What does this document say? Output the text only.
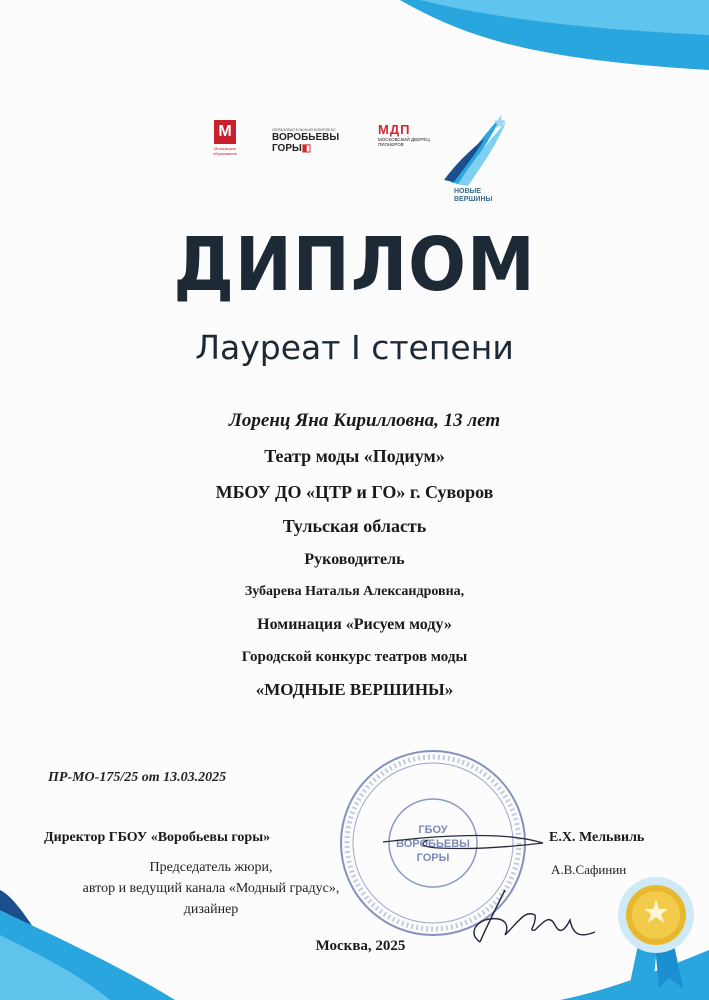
М
Московское образование
ОБРАЗОВАТЕЛЬНЫЙ КОМПЛЕКС
ВОРОБЬЕВЫ
ГОРЫ◧
МДП
МОСКОВСКИЙ ДВОРЕЦ ПИОНЕРОВ
НОВЫЕ
ВЕРШИНЫ
ДИПЛОМ
Лауреат I степени
Лоренц Яна Кирилловна, 13 лет
Театр моды «Подиум»
МБОУ ДО «ЦТР и ГО» г. Суворов
Тульская область
Руководитель
Зубарева Наталья Александровна,
Номинация «Рисуем моду»
Городской конкурс театров моды
«МОДНЫЕ ВЕРШИНЫ»
ПР-МО-175/25 от 13.03.2025
ГБОУ
ВОРОБЬЕВЫ
ГОРЫ
Директор ГБОУ «Воробьевы горы»	Е.Х. Мельвиль
Председатель жюри,
автор и ведущий канала «Модный градус»,
дизайнер
А.В.Сафинин
Москва, 2025
